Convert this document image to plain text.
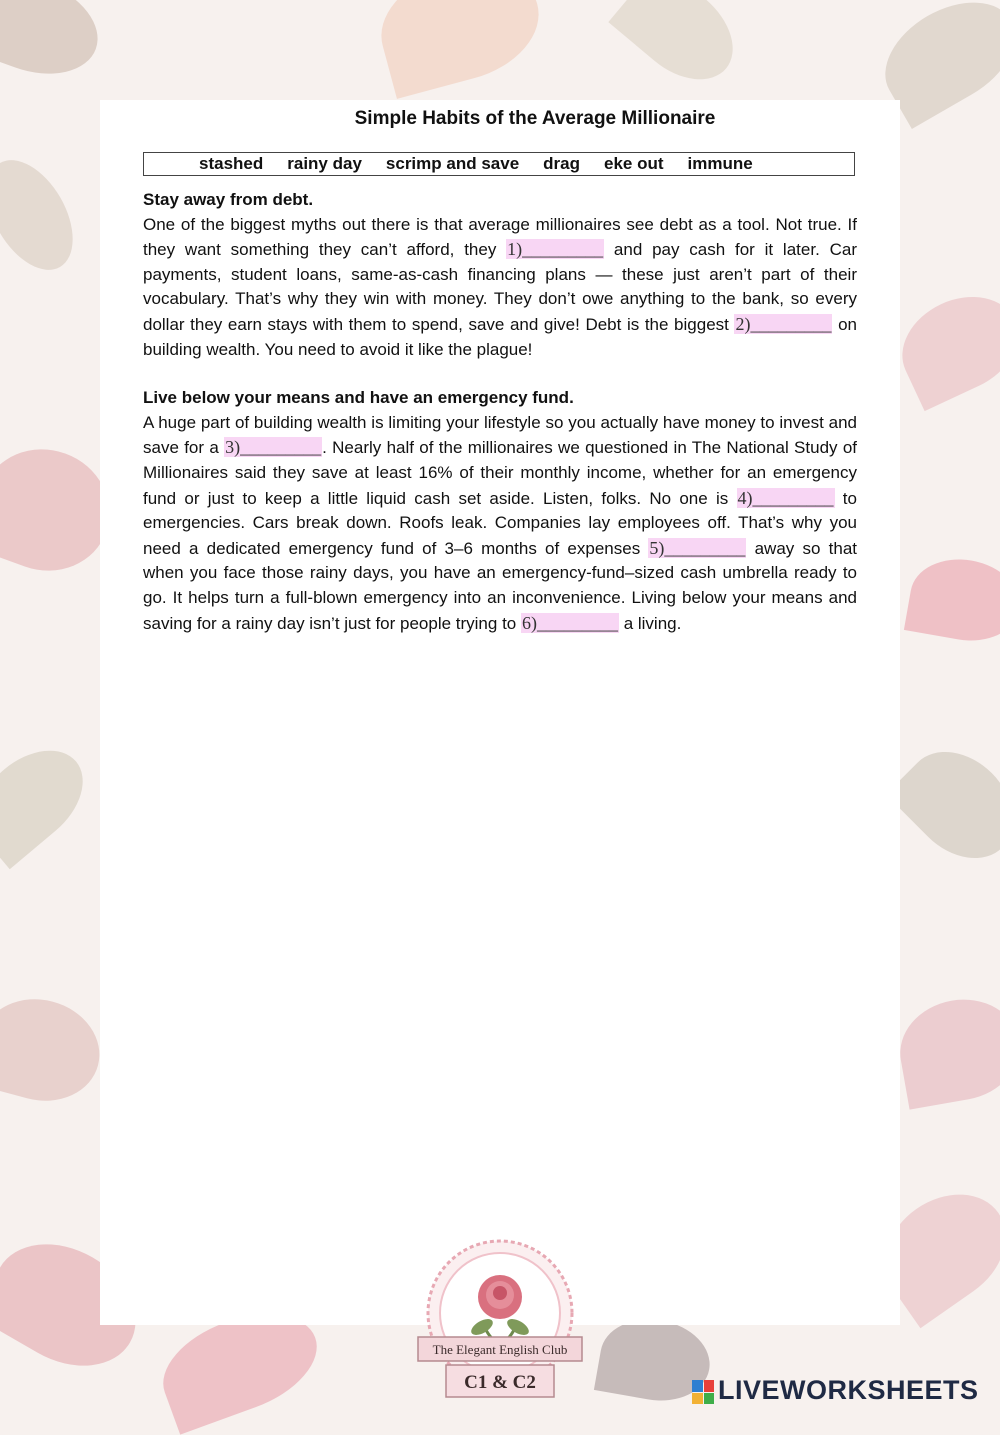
Simple Habits of the Average Millionaire
stashed rainy day scrimp and save drag eke out immune
Stay away from debt.

One of the biggest myths out there is that average millionaires see debt as a tool. Not true. If they want something they can’t afford, they 1)_________ and pay cash for it later. Car payments, student loans, same-as-cash financing plans — these just aren’t part of their vocabulary. That’s why they win with money. They don’t owe anything to the bank, so every dollar they earn stays with them to spend, save and give! Debt is the biggest 2)_________ on building wealth. You need to avoid it like the plague!

Live below your means and have an emergency fund.

A huge part of building wealth is limiting your lifestyle so you actually have money to invest and save for a 3)_________. Nearly half of the millionaires we questioned in The National Study of Millionaires said they save at least 16% of their monthly income, whether for an emergency fund or just to keep a little liquid cash set aside. Listen, folks. No one is 4)_________ to emergencies. Cars break down. Roofs leak. Companies lay employees off. That’s why you need a dedicated emergency fund of 3–6 months of expenses 5)_________ away so that when you face those rainy days, you have an emergency-fund–sized cash umbrella ready to go. It helps turn a full-blown emergency into an inconvenience. Living below your means and saving for a rainy day isn’t just for people trying to 6)_________ a living.

The Elegant English Club
C1 & C2	LIVEWORKSHEETS
